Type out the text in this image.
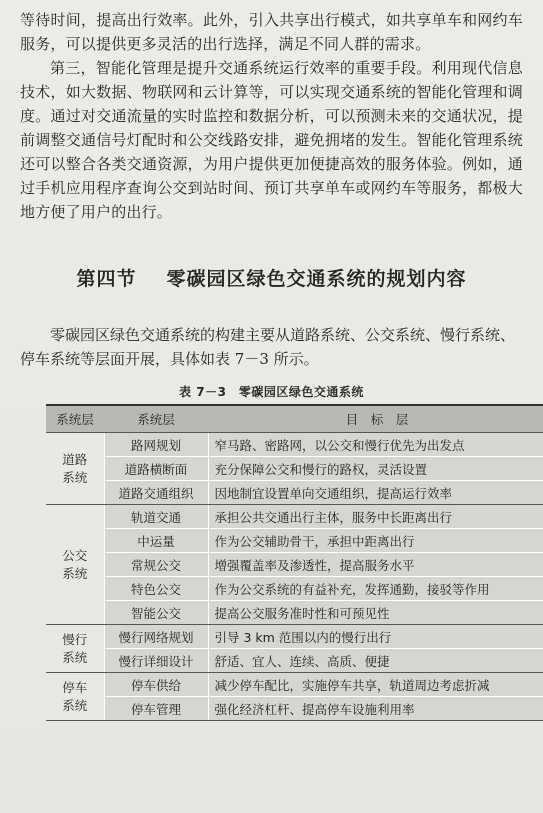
等待时间，提高出行效率。此外，引入共享出行模式，如共享单车和网约车服务，可以提供更多灵活的出行选择，满足不同人群的需求。

第三，智能化管理是提升交通系统运行效率的重要手段。利用现代信息技术，如大数据、物联网和云计算等，可以实现交通系统的智能化管理和调度。通过对交通流量的实时监控和数据分析，可以预测未来的交通状况，提前调整交通信号灯配时和公交线路安排，避免拥堵的发生。智能化管理系统还可以整合各类交通资源，为用户提供更加便捷高效的服务体验。例如，通过手机应用程序查询公交到站时间、预订共享单车或网约车等服务，都极大地方便了用户的出行。

第四节 零碳园区绿色交通系统的规划内容

零碳园区绿色交通系统的构建主要从道路系统、公交系统、慢行系统、停车系统等层面开展，具体如表 7－3 所示。

表 7－3　零碳园区绿色交通系统
系统层	系统层	目　标　层

道路
系统	路网规划	窄马路、密路网，以公交和慢行优先为出发点
	道路横断面	充分保障公交和慢行的路权，灵活设置
	道路交通组织	因地制宜设置单向交通组织，提高运行效率

公交
系统	轨道交通	承担公共交通出行主体，服务中长距离出行
	中运量	作为公交辅助骨干，承担中距离出行
	常规公交	增强覆盖率及渗透性，提高服务水平
	特色公交	作为公交系统的有益补充，发挥通勤，接驳等作用
	智能公交	提高公交服务准时性和可预见性

慢行
系统	慢行网络规划	引导 3 km 范围以内的慢行出行
	慢行详细设计	舒适、宜人、连续、高质、便捷

停车
系统	停车供给	减少停车配比，实施停车共享，轨道周边考虑折减
	停车管理	强化经济杠杆、提高停车设施利用率
